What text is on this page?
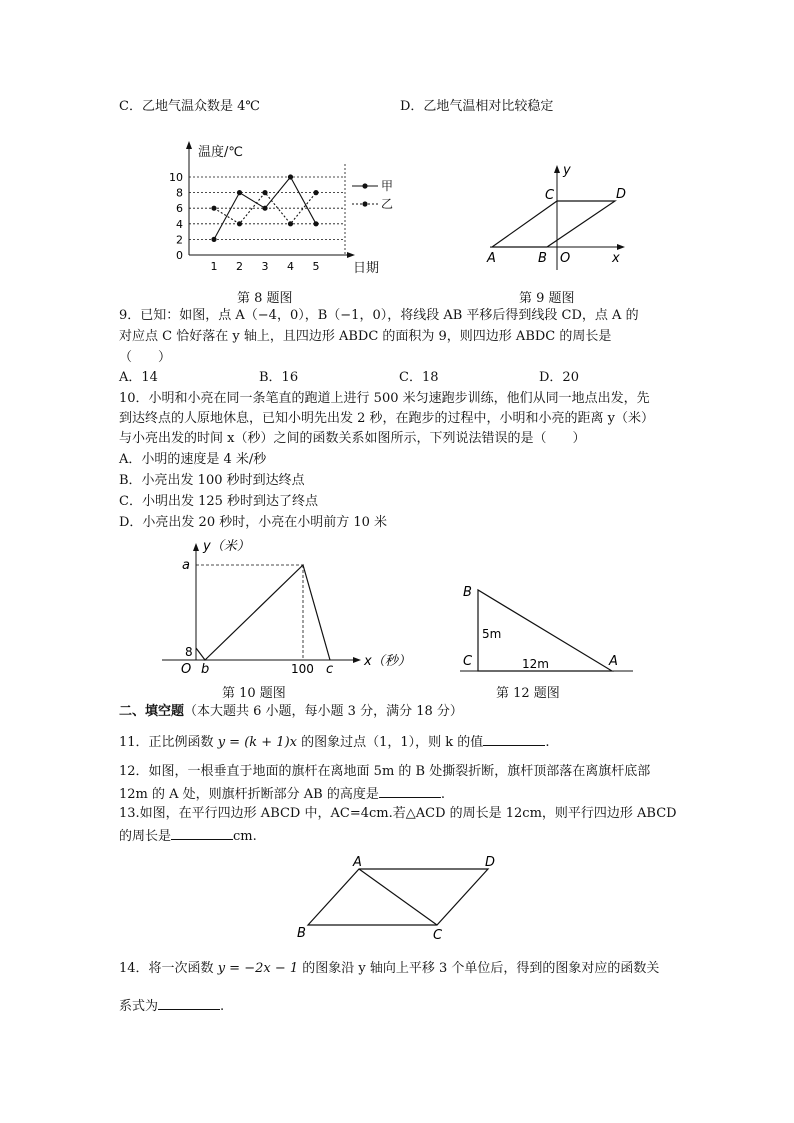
C．乙地气温众数是 4℃	D．乙地气温相对比较稳定
温度/℃
日期
0
2
4
6
8
10
1 2 3 4 5
甲
乙
第 8 题图
y
C	D
A	B O	x
第 9 题图
9．已知：如图，点 A（−4，0），B（−1，0），将线段 AB 平移后得到线段 CD，点 A 的
对应点 C 恰好落在 y 轴上，且四边形 ABDC 的面积为 9，则四边形 ABDC 的周长是
（　　）
A．14	B．16	C．18	D．20
10．小明和小亮在同一条笔直的跑道上进行 500 米匀速跑步训练，他们从同一地点出发，先
到达终点的人原地休息，已知小明先出发 2 秒，在跑步的过程中，小明和小亮的距离 y（米）
与小亮出发的时间 x（秒）之间的函数关系如图所示，下列说法错误的是（　　）
A．小明的速度是 4 米/秒
B．小亮出发 100 秒时到达终点
C．小明出发 125 秒时到达了终点
D．小亮出发 20 秒时，小亮在小明前方 10 米
y（米）
a
8
O b	100 c
x（秒）
第 10 题图
B
5m
C	12m	A
第 12 题图
二、填空题（本大题共 6 小题，每小题 3 分，满分 18 分）
11．正比例函数 y = (k + 1)x 的图象过点（1，1），则 k 的值	.
12．如图，一根垂直于地面的旗杆在离地面 5m 的 B 处撕裂折断，旗杆顶部落在离旗杆底部
12m 的 A 处，则旗杆折断部分 AB 的高度是	.
13.如图，在平行四边形 ABCD 中，AC=4cm.若△ACD 的周长是 12cm，则平行四边形 ABCD
的周长是	cm.
A	D
B	C
14．将一次函数 y = −2x − 1 的图象沿 y 轴向上平移 3 个单位后，得到的图象对应的函数关
系式为	.
